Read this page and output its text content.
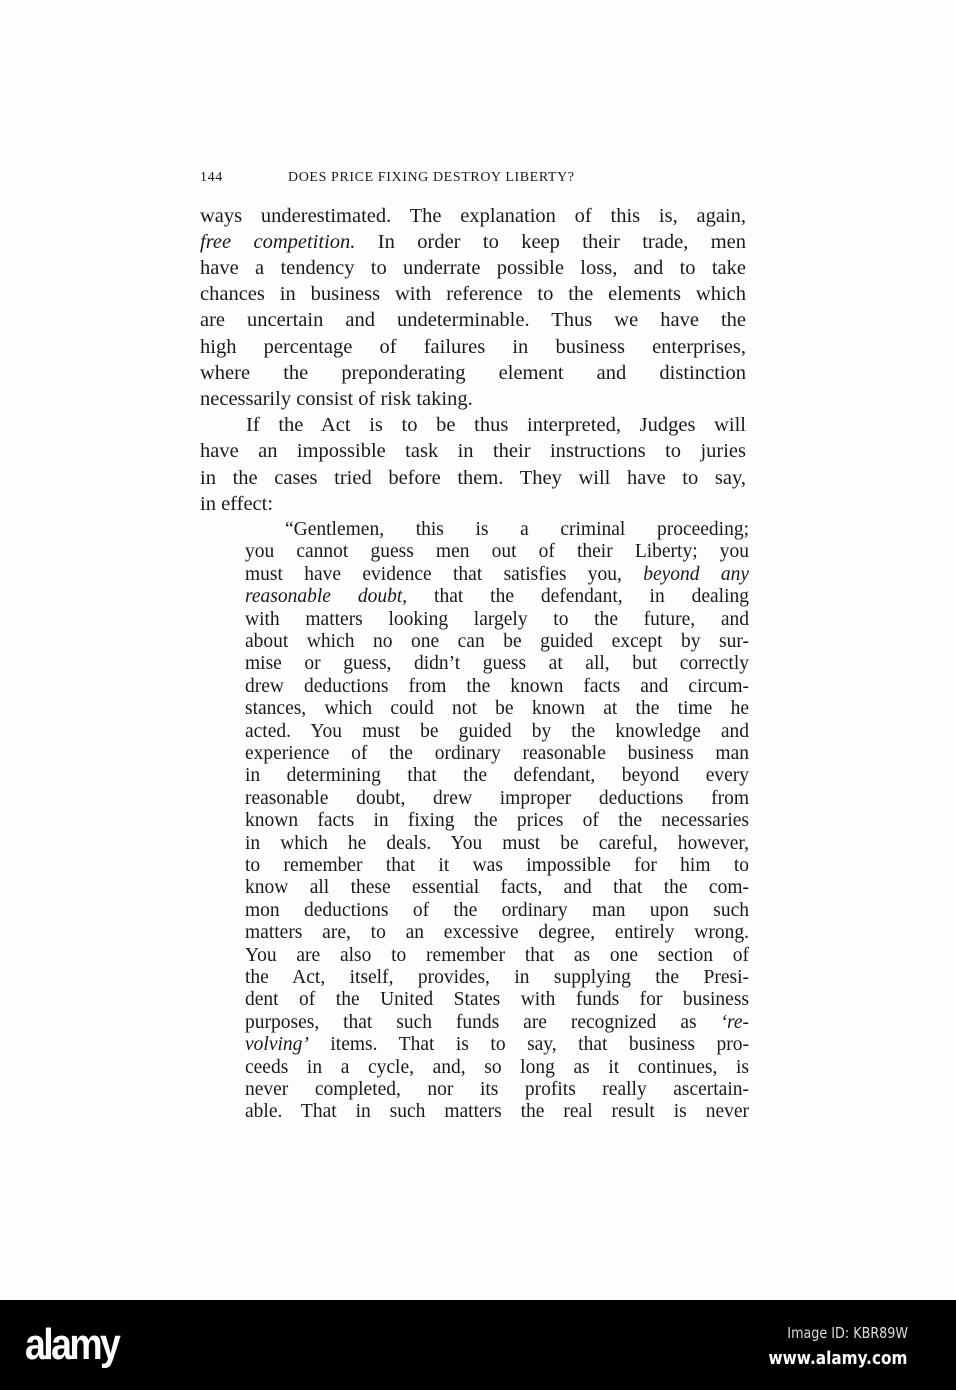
144	DOES PRICE FIXING DESTROY LIBERTY?
ways underestimated. The explanation of this is, again,
free competition. In order to keep their trade, men
have a tendency to underrate possible loss, and to take
chances in business with reference to the elements which
are uncertain and undeterminable. Thus we have the
high percentage of failures in business enterprises,
where the preponderating element and distinction
necessarily consist of risk taking.
If the Act is to be thus interpreted, Judges will
have an impossible task in their instructions to juries
in the cases tried before them. They will have to say,
in effect:
“Gentlemen, this is a criminal proceeding;
you cannot guess men out of their Liberty; you
must have evidence that satisfies you, beyond any
reasonable doubt, that the defendant, in dealing
with matters looking largely to the future, and
about which no one can be guided except by sur-
mise or guess, didn’t guess at all, but correctly
drew deductions from the known facts and circum-
stances, which could not be known at the time he
acted. You must be guided by the knowledge and
experience of the ordinary reasonable business man
in determining that the defendant, beyond every
reasonable doubt, drew improper deductions from
known facts in fixing the prices of the necessaries
in which he deals. You must be careful, however,
to remember that it was impossible for him to
know all these essential facts, and that the com-
mon deductions of the ordinary man upon such
matters are, to an excessive degree, entirely wrong.
You are also to remember that as one section of
the Act, itself, provides, in supplying the Presi-
dent of the United States with funds for business
purposes, that such funds are recognized as ‘re-
volving’ items. That is to say, that business pro-
ceeds in a cycle, and, so long as it continues, is
never completed, nor its profits really ascertain-
able. That in such matters the real result is never
alamy	Image ID: KBR89W
www.alamy.com
